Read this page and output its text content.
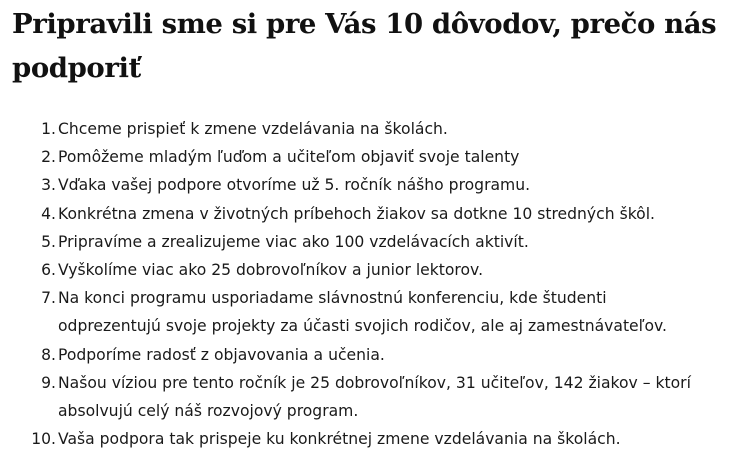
Pripravili sme si pre Vás 10 dôvodov, prečo nás podporiť
1. Chceme prispieť k zmene vzdelávania na školách.
2. Pomôžeme mladým ľuďom a učiteľom objaviť svoje talenty
3. Vďaka vašej podpore otvoríme už 5. ročník nášho programu.
4. Konkrétna zmena v životných príbehoch žiakov sa dotkne 10 stredných škôl.
5. Pripravíme a zrealizujeme viac ako 100 vzdelávacích aktivít.
6. Vyškolíme viac ako 25 dobrovoľníkov a junior lektorov.
7. Na konci programu usporiadame slávnostnú konferenciu, kde študenti
odprezentujú svoje projekty za účasti svojich rodičov, ale aj zamestnávateľov.
8. Podporíme radosť z objavovania a učenia.
9. Našou víziou pre tento ročník je 25 dobrovoľníkov, 31 učiteľov, 142 žiakov – ktorí
absolvujú celý náš rozvojový program.
10. Vaša podpora tak prispeje ku konkrétnej zmene vzdelávania na školách.
